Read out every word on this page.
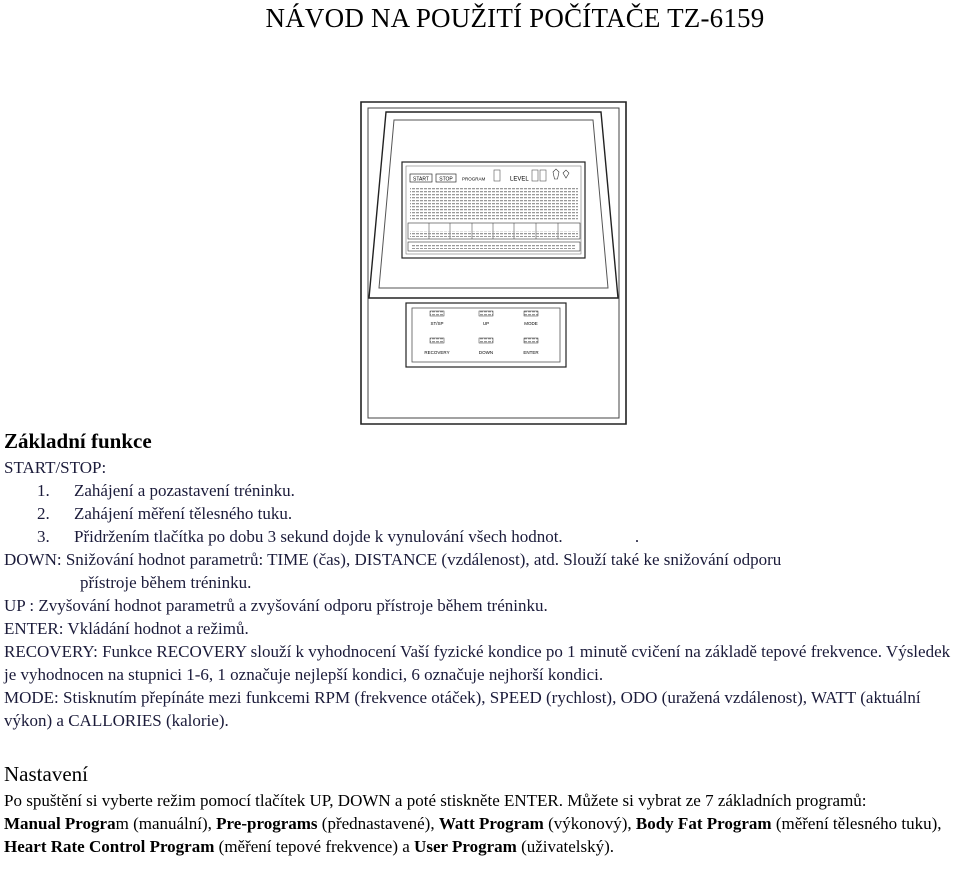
NÁVOD NA POUŽITÍ POČÍTAČE TZ-6159
START STOP PROGRAM	LEVEL
ST/SP	UP	MODE
RECOVERY	DOWN	ENTER
Základní funkce

START/STOP:

1. Zahájení a pozastavení tréninku.
2. Zahájení měření tělesného tuku.
3. Přidržením tlačítka po dobu 3 sekund dojde k vynulování všech hodnot.                 .

DOWN: Snižování hodnot parametrů: TIME (čas), DISTANCE (vzdálenost), atd. Slouží také ke snižování odporu

přístroje během tréninku.

UP : Zvyšování hodnot parametrů a zvyšování odporu přístroje během tréninku.

ENTER: Vkládání hodnot a režimů.

RECOVERY: Funkce RECOVERY slouží k vyhodnocení Vaší fyzické kondice po 1 minutě cvičení na základě tepové frekvence. Výsledek je vyhodnocen na stupnici 1-6, 1 označuje nejlepší kondici, 6 označuje nejhorší kondici.

MODE: Stisknutím přepínáte mezi funkcemi RPM (frekvence otáček), SPEED (rychlost), ODO (uražená vzdálenost), WATT (aktuální výkon) a CALLORIES (kalorie).

Nastavení

Po spuštění si vyberte režim pomocí tlačítek UP, DOWN a poté stiskněte ENTER. Můžete si vybrat ze 7 základních programů:

Manual Program (manuální), Pre-programs (přednastavené), Watt Program (výkonový), Body Fat Program (měření tělesného tuku), Heart Rate Control Program (měření tepové frekvence) a User Program (uživatelský).
